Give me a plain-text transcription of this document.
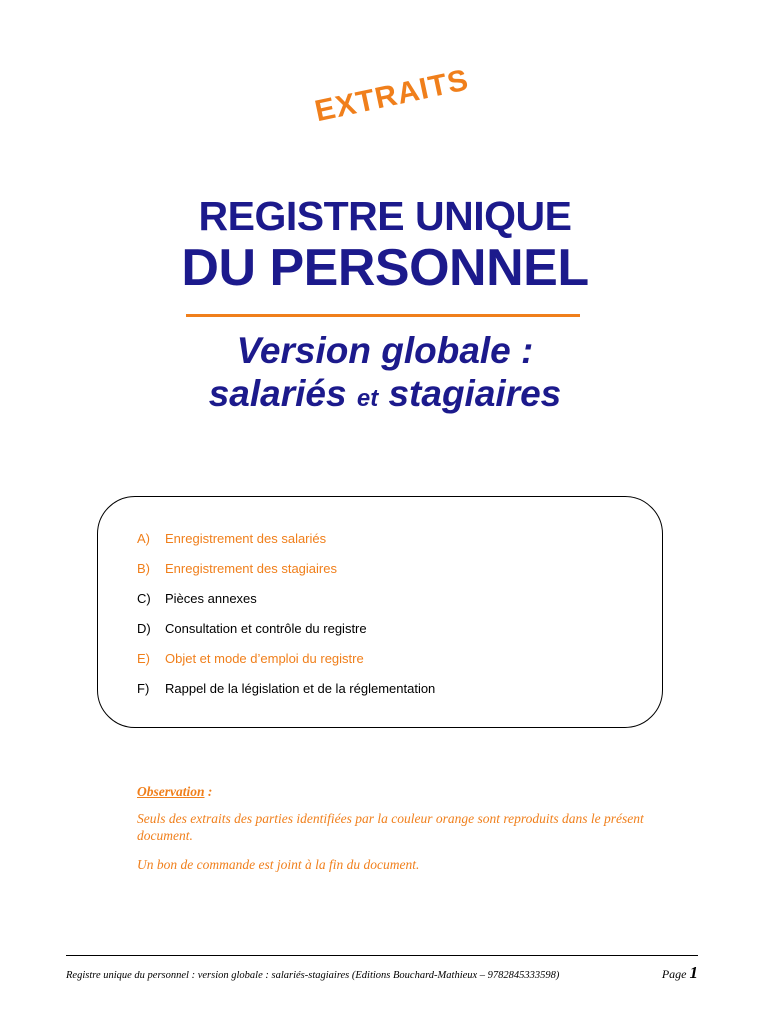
EXTRAITS
REGISTRE UNIQUE
DU PERSONNEL
Version globale :
salariés et stagiaires
A)	Enregistrement des salariés
B)	Enregistrement des stagiaires
C)	Pièces annexes
D)	Consultation et contrôle du registre
E)	Objet et mode d’emploi du registre
F)	Rappel de la législation et de la réglementation

Observation :

Seuls des extraits des parties identifiées par la couleur orange sont reproduits dans le présent document.

Un bon de commande est joint à la fin du document.

Registre unique du personnel : version globale : salariés-stagiaires (Editions Bouchard-Mathieux – 9782845333598)	Page 1
